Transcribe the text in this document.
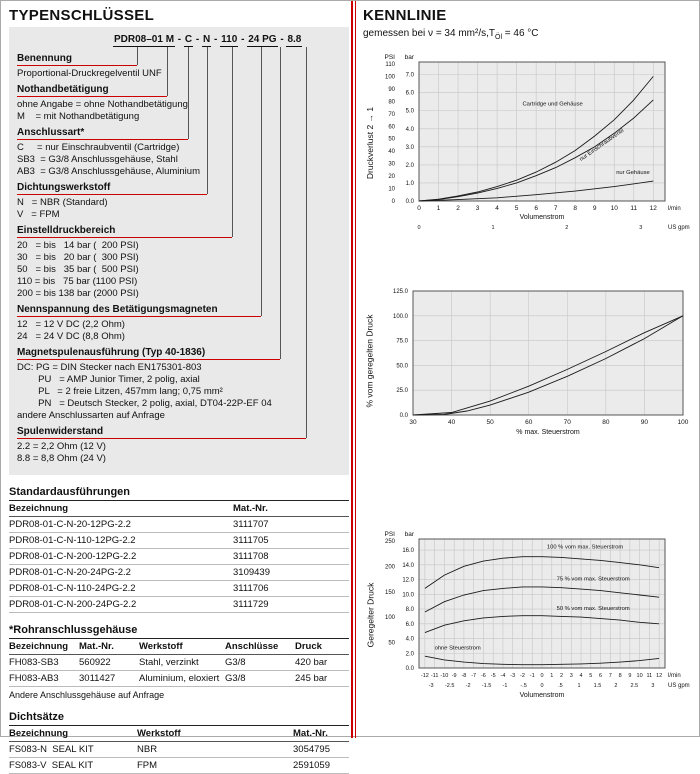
TYPENSCHLÜSSEL
PDR08–01 M - C - N - 110 - 24 PG - 8.8
Benennung
Proportional-Druckregelventil UNF
Nothandbetätigung
ohne Angabe = ohne Nothandbetätigung
M    = mit Nothandbetätigung
Anschlussart*
C     = nur Einschraubventil (Cartridge)
SB3  = G3/8 Anschlussgehäuse, Stahl
AB3  = G3/8 Anschlussgehäuse, Aluminium
Dichtungswerkstoff
N   = NBR (Standard)
V   = FPM
Einstelldruckbereich
20   = bis   14 bar (  200 PSI)
30   = bis   20 bar (  300 PSI)
50   = bis   35 bar (  500 PSI)
110 = bis   75 bar (1100 PSI)
200 = bis 138 bar (2000 PSI)
Nennspannung des Betätigungsmagneten
12   = 12 V DC (2,2 Ohm)
24   = 24 V DC (8,8 Ohm)
Magnetspulenausführung (Typ 40-1836)
DC: PG = DIN Stecker nach EN175301-803
PU   = AMP Junior Timer, 2 polig, axial
PL   = 2 freie Litzen, 457mm lang; 0,75 mm²
PN   = Deutsch Stecker, 2 polig, axial, DT04-22P-EF 04
andere Anschlussarten auf Anfrage
Spulenwiderstand
2.2 = 2,2 Ohm (12 V)
8.8 = 8,8 Ohm (24 V)
Standardausführungen
Bezeichnung	Mat.-Nr.
PDR08-01-C-N-20-12PG-2.2	3111707
PDR08-01-C-N-110-12PG-2.2	3111705
PDR08-01-C-N-200-12PG-2.2	3111708
PDR08-01-C-N-20-24PG-2.2	3109439
PDR08-01-C-N-110-24PG-2.2	3111706
PDR08-01-C-N-200-24PG-2.2	3111729
*Rohranschlussgehäuse
Bezeichnung	Mat.-Nr.	Werkstoff	Anschlüsse	Druck
FH083-SB3	560922	Stahl, verzinkt	G3/8	420 bar
FH083-AB3	3011427	Aluminium, eloxiert	G3/8	245 bar
Andere Anschlussgehäuse auf Anfrage
Dichtsätze
Bezeichnung	Werkstoff	Mat.-Nr.
FS083-N  SEAL KIT	NBR	3054795
FS083-V  SEAL KIT	FPM	2591059
KENNLINIE
gemessen bei ν = 34 mm²/$s,T_{Öl} = 46$ °C
Druckverlust 2 → 1
PSI
0
10
20
30
40
50
60
70
80
90
100
110
bar
0.0
1.0
2.0
3.0
4.0
5.0
6.0
7.0
0 1 2 3 4 5 6 7 8 9 10 11 12 l/min
Volumenstrom
0	1	2	3	US gpm
Cartridge und Gehäuse
nur Einschraubventil
nur Gehäuse
% vom geregelten Druck
0.0
25.0
50.0
75.0
100.0
125.0
30	40	50	60	70	80	90	100
% max. Steuerstrom
Geregelter Druck
PSI
50
100
150
200
250
bar
0.0
2.0
4.0
6.0
8.0
10.0
12.0
14.0
16.0
-12 -11 -10 -9 -8 -7 -6 -5 -4 -3 -2 -1 0 1 2 3 4 5 6 7 8 9 10 11 12 l/min
-3 -2.5 -2 -1.5 -1 -.5 0	.5	1 1.5 2 2.5 3 US gpm
Volumenstrom
100 % vom max. Steuerstrom
75 % vom max. Steuerstrom
50 % vom max. Steuerstrom
ohne Steuerstrom
